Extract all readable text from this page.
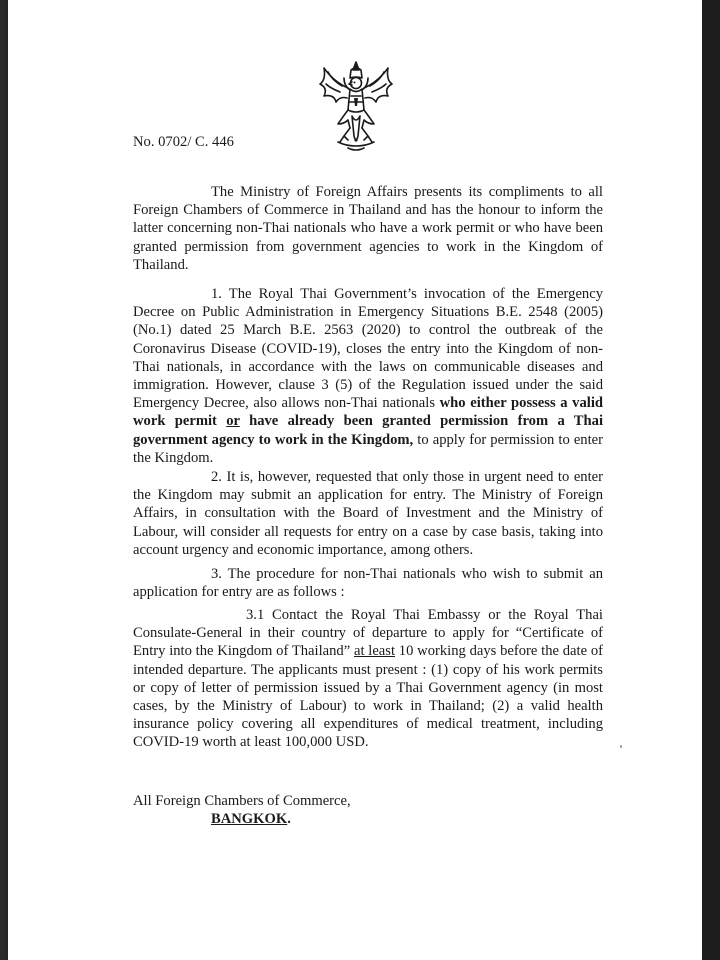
No. 0702/ C. 446

The Ministry of Foreign Affairs presents its compliments to all Foreign Chambers of Commerce in Thailand and has the honour to inform the latter concerning non-Thai nationals who have a work permit or who have been granted permission from government agencies to work in the Kingdom of Thailand.

1. The Royal Thai Government’s invocation of the Emergency Decree on Public Administration in Emergency Situations B.E. 2548 (2005) (No.1) dated 25 March B.E. 2563 (2020) to control the outbreak of the Coronavirus Disease (COVID-19), closes the entry into the Kingdom of non-Thai nationals, in accordance with the laws on communicable diseases and immigration. However, clause 3 (5) of the Regulation issued under the said Emergency Decree, also allows non-Thai nationals who either possess a valid work permit or have already been granted permission from a Thai government agency to work in the Kingdom, to apply for permission to enter the Kingdom.

2. It is, however, requested that only those in urgent need to enter the Kingdom may submit an application for entry. The Ministry of Foreign Affairs, in consultation with the Board of Investment and the Ministry of Labour, will consider all requests for entry on a case by case basis, taking into account urgency and economic importance, among others.

3. The procedure for non-Thai nationals who wish to submit an application for entry are as follows :

3.1 Contact the Royal Thai Embassy or the Royal Thai Consulate-General in their country of departure to apply for “Certificate of Entry into the Kingdom of Thailand” at least 10 working days before the date of intended departure. The applicants must present : (1) copy of his work permits or copy of letter of permission issued by a Thai Government agency (in most cases, by the Ministry of Labour) to work in Thailand; (2) a valid health insurance policy covering all expenditures of medical treatment, including COVID-19 worth at least 100,000 USD.

All Foreign Chambers of Commerce,
BANGKOK.
